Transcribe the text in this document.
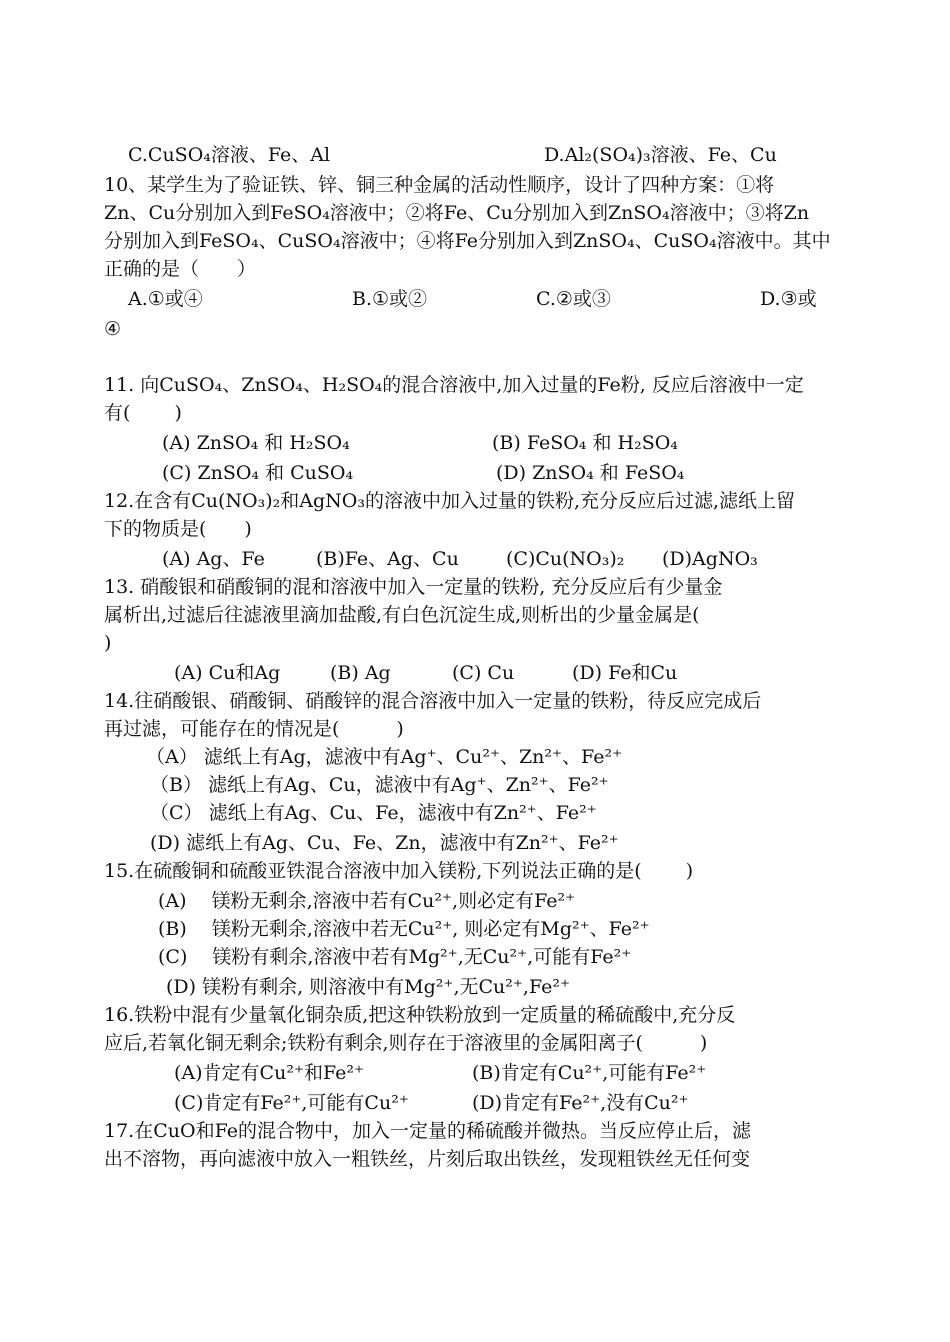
C.CuSO₄溶液、Fe、Al	D.Al₂(SO₄)₃溶液、Fe、Cu
10、某学生为了验证铁、锌、铜三种金属的活动性顺序，设计了四种方案：①将
Zn、Cu分别加入到FeSO₄溶液中；②将Fe、Cu分别加入到ZnSO₄溶液中；③将Zn
分别加入到FeSO₄、CuSO₄溶液中；④将Fe分别加入到ZnSO₄、CuSO₄溶液中。其中
正确的是（　　）
A.①或④	B.①或②	C.②或③	D.③或
④
11. 向CuSO₄、ZnSO₄、H₂SO₄的混合溶液中,加入过量的Fe粉, 反应后溶液中一定
有(　　 )
(A) ZnSO₄ 和 H₂SO₄	(B) FeSO₄ 和 H₂SO₄
(C) ZnSO₄ 和 CuSO₄	(D) ZnSO₄ 和 FeSO₄
12.在含有Cu(NO₃)₂和AgNO₃的溶液中加入过量的铁粉,充分反应后过滤,滤纸上留
下的物质是(　　)
(A) Ag、Fe	(B)Fe、Ag、Cu (C)Cu(NO₃)₂ (D)AgNO₃
13. 硝酸银和硝酸铜的混和溶液中加入一定量的铁粉, 充分反应后有少量金
属析出,过滤后往滤液里滴加盐酸,有白色沉淀生成,则析出的少量金属是(
)
(A) Cu和Ag	(B) Ag	(C) Cu	(D) Fe和Cu
14.往硝酸银、硝酸铜、硝酸锌的混合溶液中加入一定量的铁粉，待反应完成后
再过滤，可能存在的情况是(　　　)
（A） 滤纸上有Ag，滤液中有Ag⁺、Cu²⁺、Zn²⁺、Fe²⁺
（B） 滤纸上有Ag、Cu，滤液中有Ag⁺、Zn²⁺、Fe²⁺
（C） 滤纸上有Ag、Cu、Fe，滤液中有Zn²⁺、Fe²⁺
(D) 滤纸上有Ag、Cu、Fe、Zn，滤液中有Zn²⁺、Fe²⁺
15.在硫酸铜和硫酸亚铁混合溶液中加入镁粉,下列说法正确的是(　　 )
(A)　 镁粉无剩余,溶液中若有Cu²⁺,则必定有Fe²⁺
(B)　 镁粉无剩余,溶液中若无Cu²⁺, 则必定有Mg²⁺、Fe²⁺
(C)　 镁粉有剩余,溶液中若有Mg²⁺,无Cu²⁺,可能有Fe²⁺
(D) 镁粉有剩余, 则溶液中有Mg²⁺,无Cu²⁺,Fe²⁺
16.铁粉中混有少量氧化铜杂质,把这种铁粉放到一定质量的稀硫酸中,充分反
应后,若氧化铜无剩余;铁粉有剩余,则存在于溶液里的金属阳离子(　　　)
(A)肯定有Cu²⁺和Fe²⁺	(B)肯定有Cu²⁺,可能有Fe²⁺
(C)肯定有Fe²⁺,可能有Cu²⁺	(D)肯定有Fe²⁺,没有Cu²⁺
17.在CuO和Fe的混合物中，加入一定量的稀硫酸并微热。当反应停止后，滤
出不溶物，再向滤液中放入一粗铁丝，片刻后取出铁丝，发现粗铁丝无任何变
